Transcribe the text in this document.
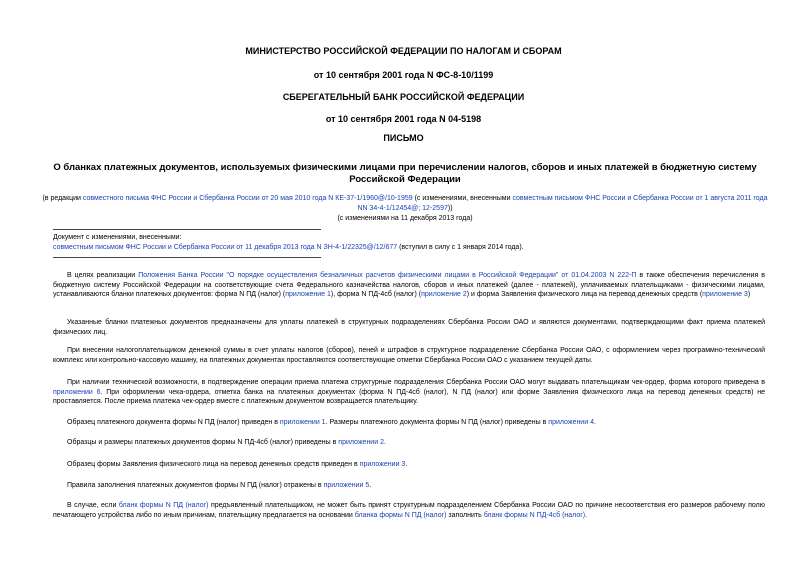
МИНИСТЕРСТВО РОССИЙСКОЙ ФЕДЕРАЦИИ ПО НАЛОГАМ И СБОРАМ
от 10 сентября 2001 года N ФС-8-10/1199
СБЕРЕГАТЕЛЬНЫЙ БАНК РОССИЙСКОЙ ФЕДЕРАЦИИ
от 10 сентября 2001 года N 04-5198
ПИСЬМО
О бланках платежных документов, используемых физическими лицами при перечислении налогов, сборов и иных платежей в бюджетную систему Российской Федерации
(в редакции совместного письма ФНС России и Сбербанка России от 20 мая 2010 года N КЕ-37-1/1960@/10-1959 (с изменениями, внесенными совместным письмом ФНС России и Сбербанка России от 1 августа 2011 года NN 34-4-1/12454@; 12-2597))
(с изменениями на 11 декабря 2013 года)
Документ с изменениями, внесенными:
совместным письмом ФНС России и Сбербанка России от 11 декабря 2013 года N ЗН-4-1/22325@/12/677 (вступил в силу с 1 января 2014 года).
В целях реализации Положения Банка России "О порядке осуществления безналичных расчетов физическими лицами в Российской Федерации" от 01.04.2003 N 222-П в также обеспечения перечисления в бюджетную систему Российской Федерации на соответствующие счета Федерального казначейства налогов, сборов и иных платежей (далее - платежей), уплачиваемых плательщиками - физическими лицами, устанавливаются бланки платежных документов: форма N ПД (налог) (приложение 1), форма N ПД-4сб (налог) (приложение 2) и форма Заявления физического лица на перевод денежных средств (приложение 3)
Указанные бланки платежных документов предназначены для уплаты платежей в структурных подразделениях Сбербанка России ОАО и являются документами, подтверждающими факт приема платежей физических лиц.
При внесении налогоплательщиком денежной суммы в счет уплаты налогов (сборов), пеней и штрафов в структурное подразделение Сбербанка России ОАО, с оформлением через программно-технический комплекс или контрольно-кассовую машину, на платежных документах проставляются соответствующие отметки Сбербанка России ОАО с указанием текущей даты.
При наличии технической возможности, в подтверждение операции приема платежа структурные подразделения Сбербанка России ОАО могут выдавать плательщикам чек-ордер, форма которого приведена в приложении 6. При оформлении чека-ордера, отметка банка на платежных документах (форма N ПД-4сб (налог), N ПД (налог) или форме Заявления физического лица на перевод денежных средств) не проставляется. После приема платежа чек-ордер вместе с платежным документом возвращается плательщику.
Образец платежного документа формы N ПД (налог) приведен в приложении 1. Размеры платежного документа формы N ПД (налог) приведены в приложении 4.
Образцы и размеры платежных документов формы N ПД-4сб (налог) приведены в приложении 2.
Образец формы Заявления физического лица на перевод денежных средств приведен в приложении 3.
Правила заполнения платежных документов формы N ПД (налог) отражены в приложении 5.
В случае, если бланк формы N ПД (налог) предъявленный плательщиком, не может быть принят структурным подразделением Сбербанка России ОАО по причине несоответствия его размеров рабочему полю печатающего устройства либо по иным причинам, плательщику предлагается на основании бланка формы N ПД (налог) заполнить бланк формы N ПД-4сб (налог).
